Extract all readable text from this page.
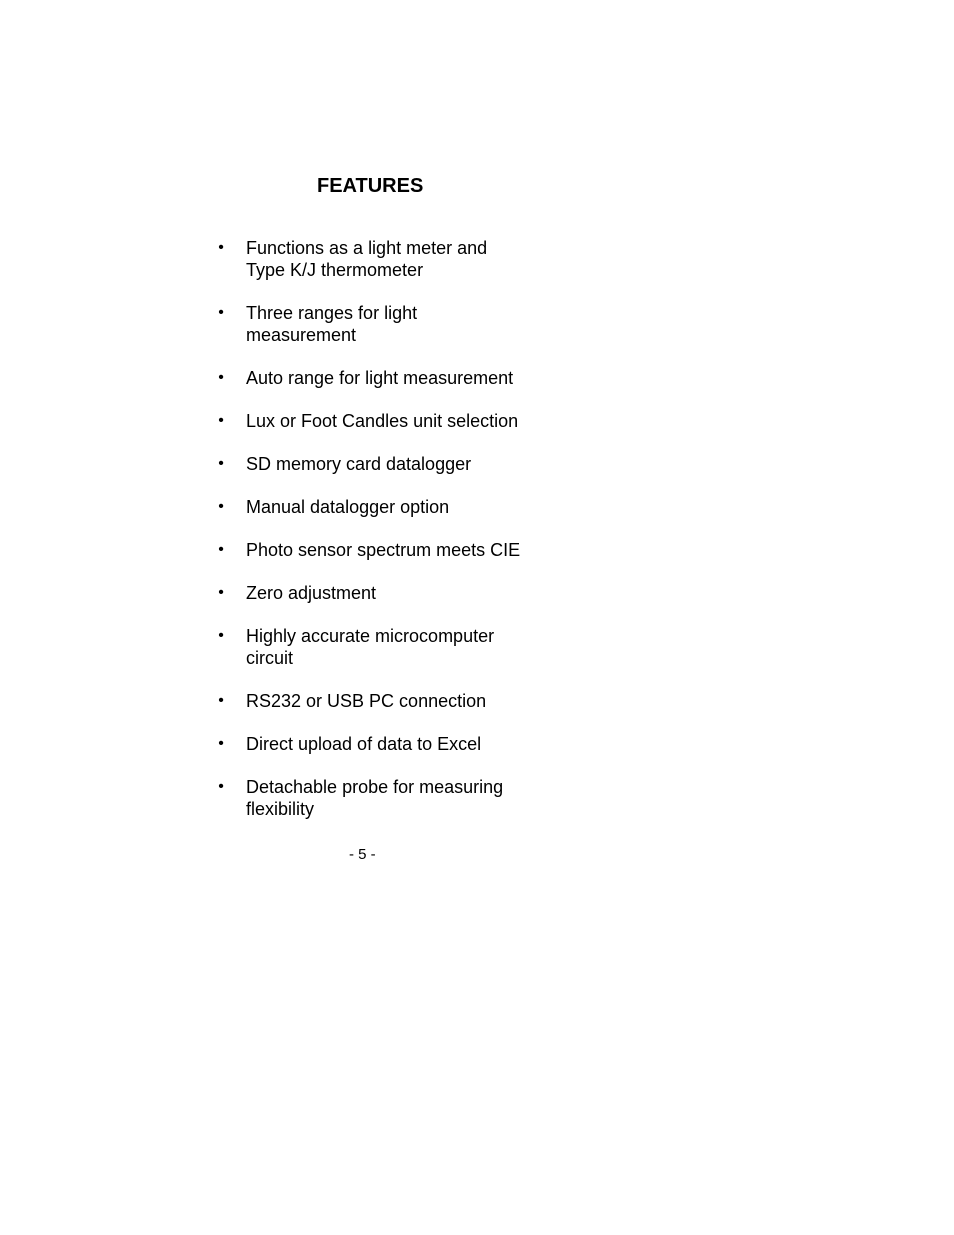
FEATURES
• Functions as a light meter and
Type K/J thermometer
• Three ranges for light
measurement
• Auto range for light measurement
• Lux or Foot Candles unit selection
• SD memory card datalogger
• Manual datalogger option
• Photo sensor spectrum meets CIE
• Zero adjustment
• Highly accurate microcomputer
circuit
• RS232 or USB PC connection
• Direct upload of data to Excel
• Detachable probe for measuring
flexibility

- 5 -
